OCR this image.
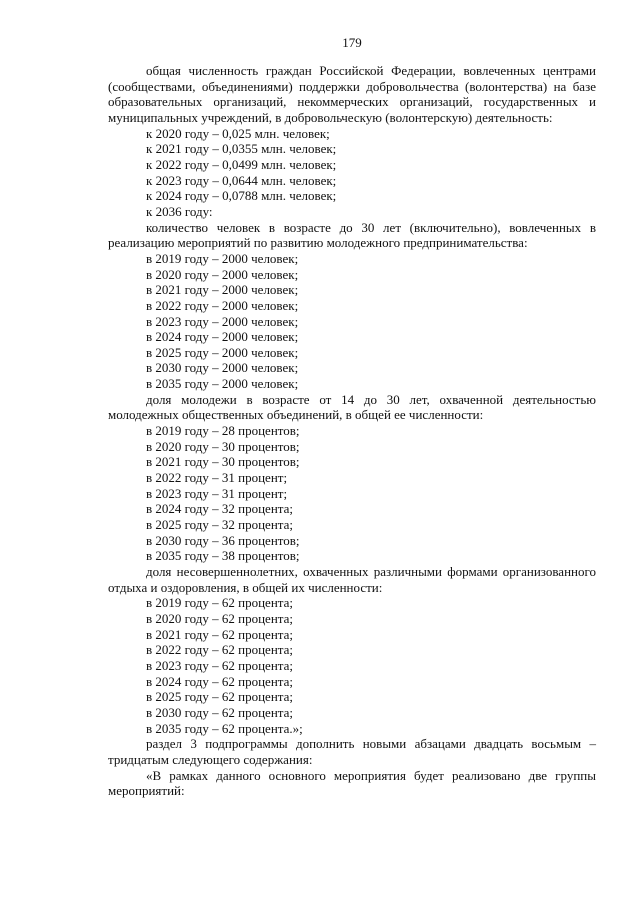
179

общая численность граждан Российской Федерации, вовлеченных центрами (сообществами, объединениями) поддержки добровольчества (волонтерства) на базе образовательных организаций, некоммерческих организаций, государственных и муниципальных учреждений, в добровольческую (волонтерскую) деятельность:

к 2020 году – 0,025 млн. человек;

к 2021 году – 0,0355 млн. человек;

к 2022 году – 0,0499 млн. человек;

к 2023 году – 0,0644 млн. человек;

к 2024 году – 0,0788 млн. человек;

к 2036 году:

количество человек в возрасте до 30 лет (включительно), вовлеченных в реализацию мероприятий по развитию молодежного предпринимательства:

в 2019 году – 2000 человек;

в 2020 году – 2000 человек;

в 2021 году – 2000 человек;

в 2022 году – 2000 человек;

в 2023 году – 2000 человек;

в 2024 году – 2000 человек;

в 2025 году – 2000 человек;

в 2030 году – 2000 человек;

в 2035 году – 2000 человек;

доля молодежи в возрасте от 14 до 30 лет, охваченной деятельностью молодежных общественных объединений, в общей ее численности:

в 2019 году – 28 процентов;

в 2020 году – 30 процентов;

в 2021 году – 30 процентов;

в 2022 году – 31 процент;

в 2023 году – 31 процент;

в 2024 году – 32 процента;

в 2025 году – 32 процента;

в 2030 году – 36 процентов;

в 2035 году – 38 процентов;

доля несовершеннолетних, охваченных различными формами организованного отдыха и оздоровления, в общей их численности:

в 2019 году – 62 процента;

в 2020 году – 62 процента;

в 2021 году – 62 процента;

в 2022 году – 62 процента;

в 2023 году – 62 процента;

в 2024 году – 62 процента;

в 2025 году – 62 процента;

в 2030 году – 62 процента;

в 2035 году – 62 процента.»;

раздел 3 подпрограммы дополнить новыми абзацами двадцать восьмым – тридцатым следующего содержания:

«В рамках данного основного мероприятия будет реализовано две группы мероприятий:
